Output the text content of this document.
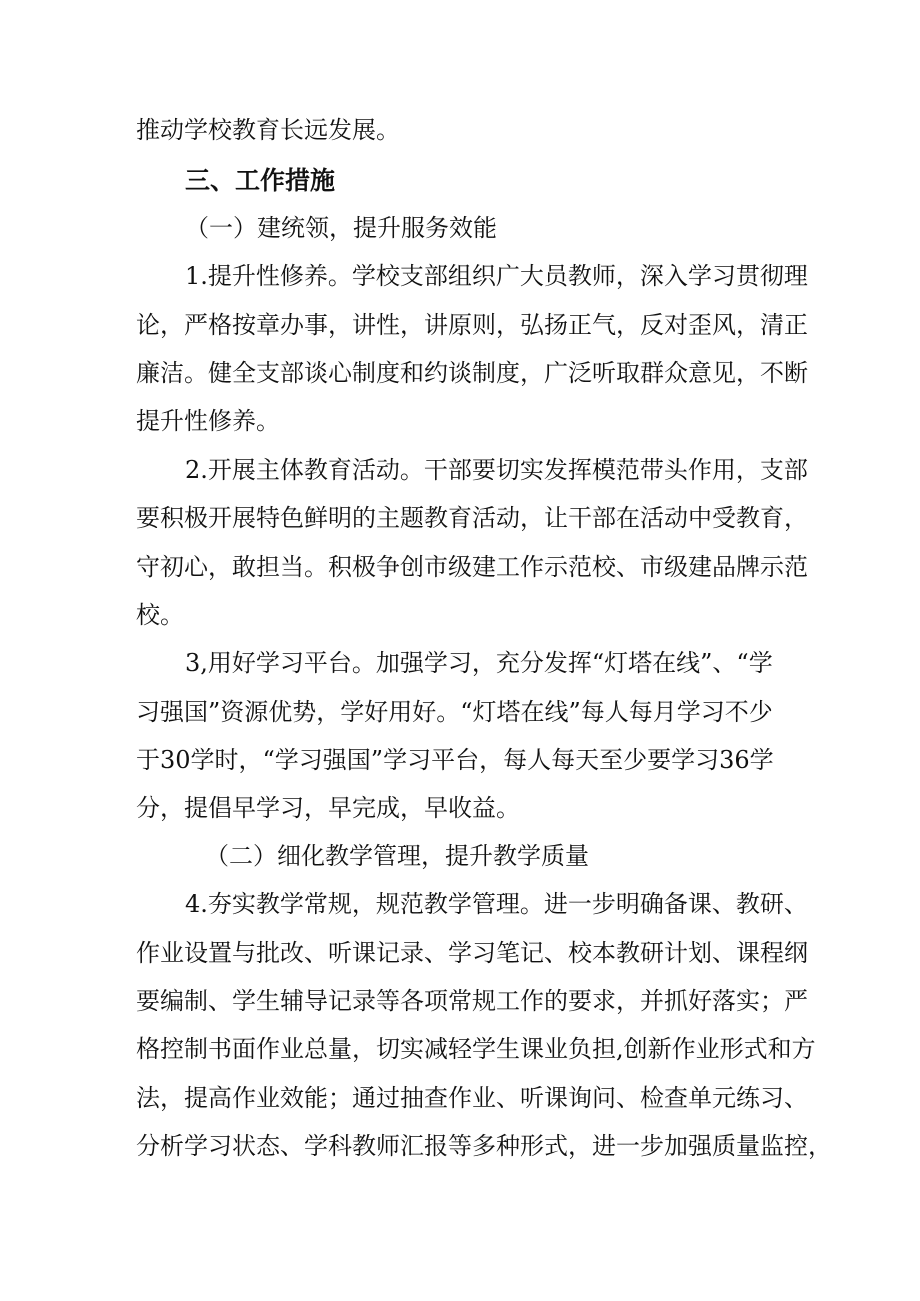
推动学校教育长远发展。
三、工作措施
（一）建统领，提升服务效能
1.提升性修养。学校支部组织广大员教师，深入学习贯彻理
论，严格按章办事，讲性，讲原则，弘扬正气，反对歪风，清正
廉洁。健全支部谈心制度和约谈制度，广泛听取群众意见，不断
提升性修养。
2.开展主体教育活动。干部要切实发挥模范带头作用，支部
要积极开展特色鲜明的主题教育活动，让干部在活动中受教育，
守初心，敢担当。积极争创市级建工作示范校、市级建品牌示范
校。
3,用好学习平台。加强学习，充分发挥“灯塔在线”、“学
习强国”资源优势，学好用好。“灯塔在线”每人每月学习不少
于30学时，“学习强国”学习平台，每人每天至少要学习36学
分，提倡早学习，早完成，早收益。
（二）细化教学管理，提升教学质量
4.夯实教学常规，规范教学管理。进一步明确备课、教研、
作业设置与批改、听课记录、学习笔记、校本教研计划、课程纲
要编制、学生辅导记录等各项常规工作的要求，并抓好落实；严
格控制书面作业总量，切实减轻学生课业负担,创新作业形式和方
法，提高作业效能；通过抽查作业、听课询问、检查单元练习、
分析学习状态、学科教师汇报等多种形式，进一步加强质量监控，
